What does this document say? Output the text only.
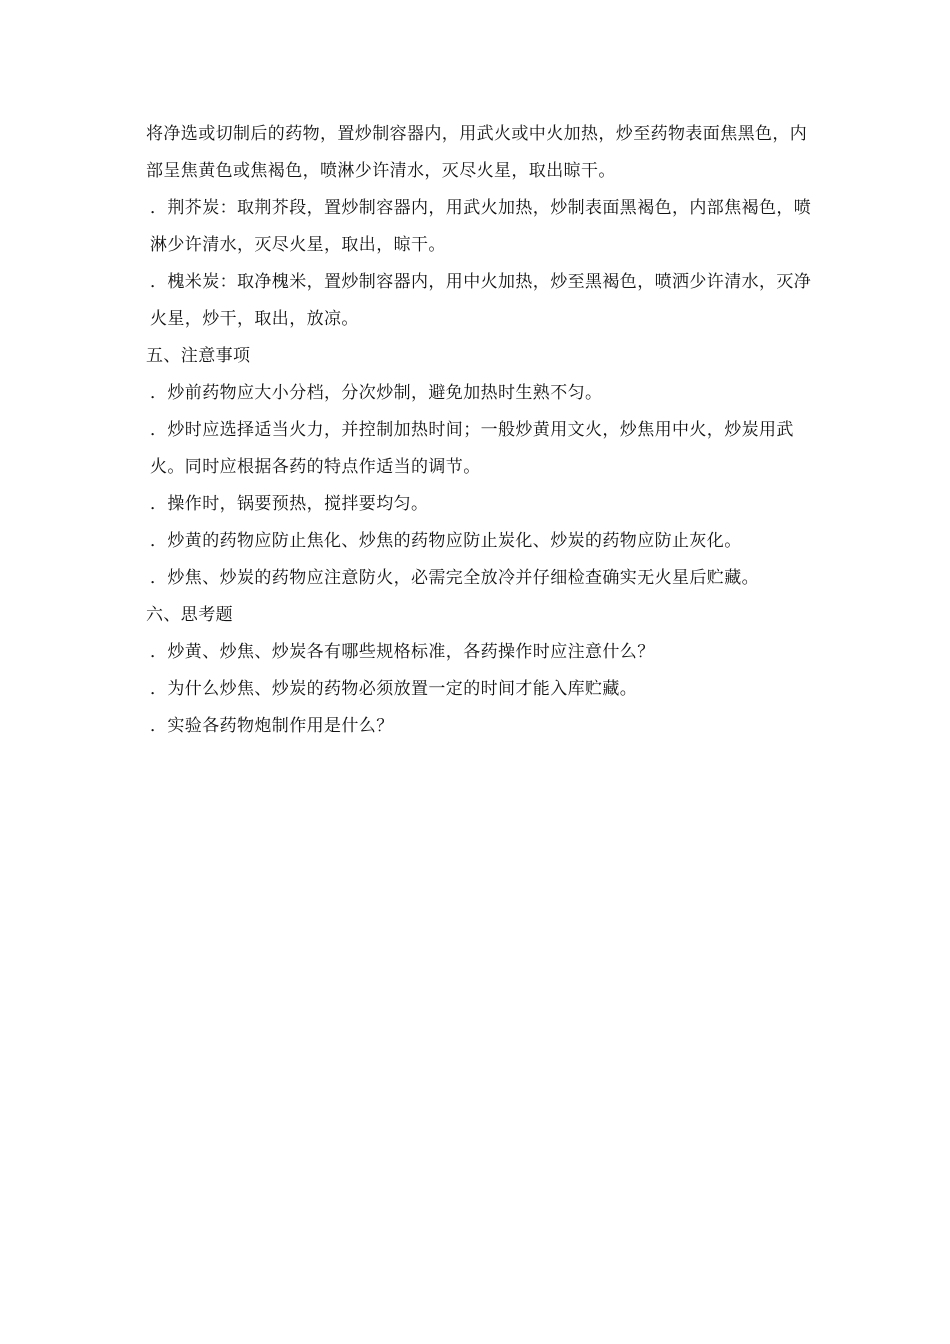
将净选或切制后的药物，置炒制容器内，用武火或中火加热，炒至药物表面焦黑色，内部呈焦黄色或焦褐色，喷淋少许清水，灭尽火星，取出晾干。
．荆芥炭：取荆芥段，置炒制容器内，用武火加热，炒制表面黑褐色，内部焦褐色，喷淋少许清水，灭尽火星，取出，晾干。
．槐米炭：取净槐米，置炒制容器内，用中火加热，炒至黑褐色，喷洒少许清水，灭净火星，炒干，取出，放凉。
五、注意事项
．炒前药物应大小分档，分次炒制，避免加热时生熟不匀。
．炒时应选择适当火力，并控制加热时间；一般炒黄用文火，炒焦用中火，炒炭用武火。同时应根据各药的特点作适当的调节。
．操作时，锅要预热，搅拌要均匀。
．炒黄的药物应防止焦化、炒焦的药物应防止炭化、炒炭的药物应防止灰化。
．炒焦、炒炭的药物应注意防火，必需完全放冷并仔细检查确实无火星后贮藏。
六、思考题
．炒黄、炒焦、炒炭各有哪些规格标准，各药操作时应注意什么？
．为什么炒焦、炒炭的药物必须放置一定的时间才能入库贮藏。
．实验各药物炮制作用是什么？
